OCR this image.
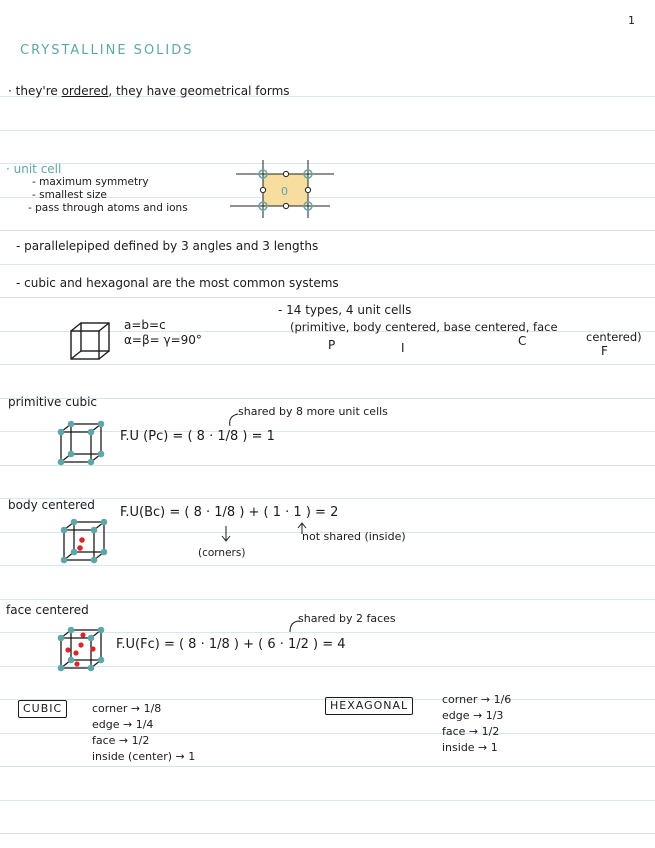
1
CRYSTALLINE SOLIDS
· they're ordered, they have geometrical forms
· unit cell
- maximum symmetry
- smallest size
- pass through atoms and ions
0
- parallelepiped defined by 3 angles and 3 lengths
- cubic and hexagonal are the most common systems
a=b=c
α=β= γ=90°
- 14 types, 4 unit cells
(primitive, body centered, base centered, face
centered)
P	I	C
F
primitive cubic
shared by 8 more unit cells
F.U (Pc) = ( 8 · 1/8 ) = 1
body centered F.U(Bc) = ( 8 · 1/8 ) + ( 1 · 1 ) = 2
(corners)
not shared (inside)
face centered
shared by 2 faces
F.U(Fc) = ( 8 · 1/8 ) + ( 6 · 1/2 ) = 4
CUBIC	corner → 1/8
edge → 1/4
face → 1/2
inside (center) → 1
HEXAGONAL	corner → 1/6
edge → 1/3
face → 1/2
inside → 1
